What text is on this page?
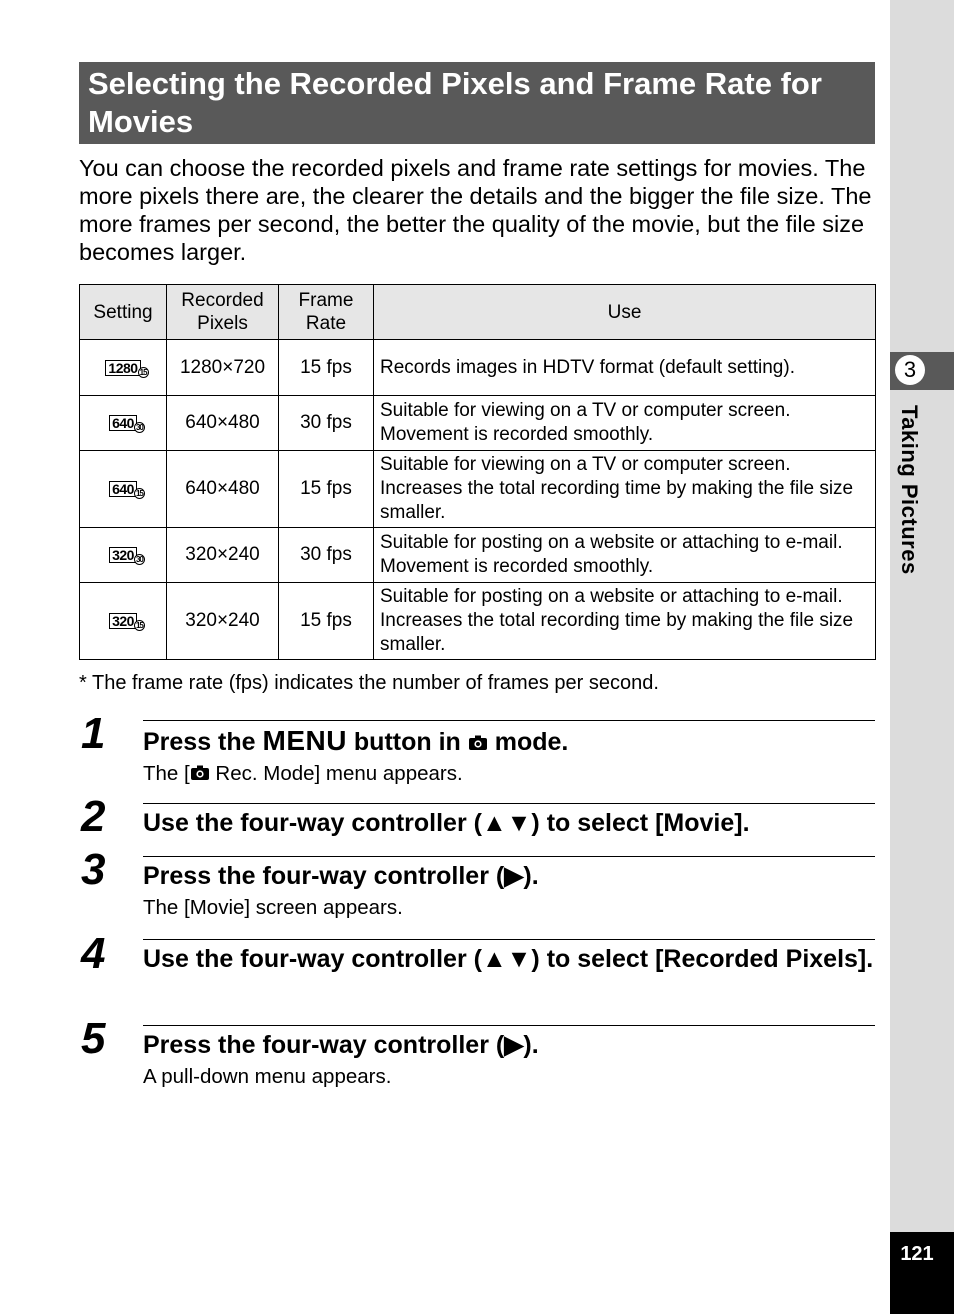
Selecting the Recorded Pixels and Frame Rate for Movies

You can choose the recorded pixels and frame rate settings for movies. The more pixels there are, the clearer the details and the bigger the file size. The more frames per second, the better the quality of the movie, but the file size becomes larger.

Setting	Recorded Pixels	Frame Rate	Use
1280 15	1280×720	15 fps	Records images in HDTV format (default setting).
640 30	640×480	30 fps	Suitable for viewing on a TV or computer screen. Movement is recorded smoothly.
640 15	640×480	15 fps	Suitable for viewing on a TV or computer screen. Increases the total recording time by making the file size smaller.
320 30	320×240	30 fps	Suitable for posting on a website or attaching to e-mail. Movement is recorded smoothly.
320 15	320×240	15 fps	Suitable for posting on a website or attaching to e-mail. Increases the total recording time by making the file size smaller.

* The frame rate (fps) indicates the number of frames per second.

1 Press the MENU button in  mode.

The [ Rec. Mode] menu appears.

2 Use the four-way controller (▲▼) to select [Movie].

3 Press the four-way controller (▶).

The [Movie] screen appears.

4 Use the four-way controller (▲▼) to select [Recorded Pixels].

5 Press the four-way controller (▶).

A pull-down menu appears.

3
Taking Pictures
121
